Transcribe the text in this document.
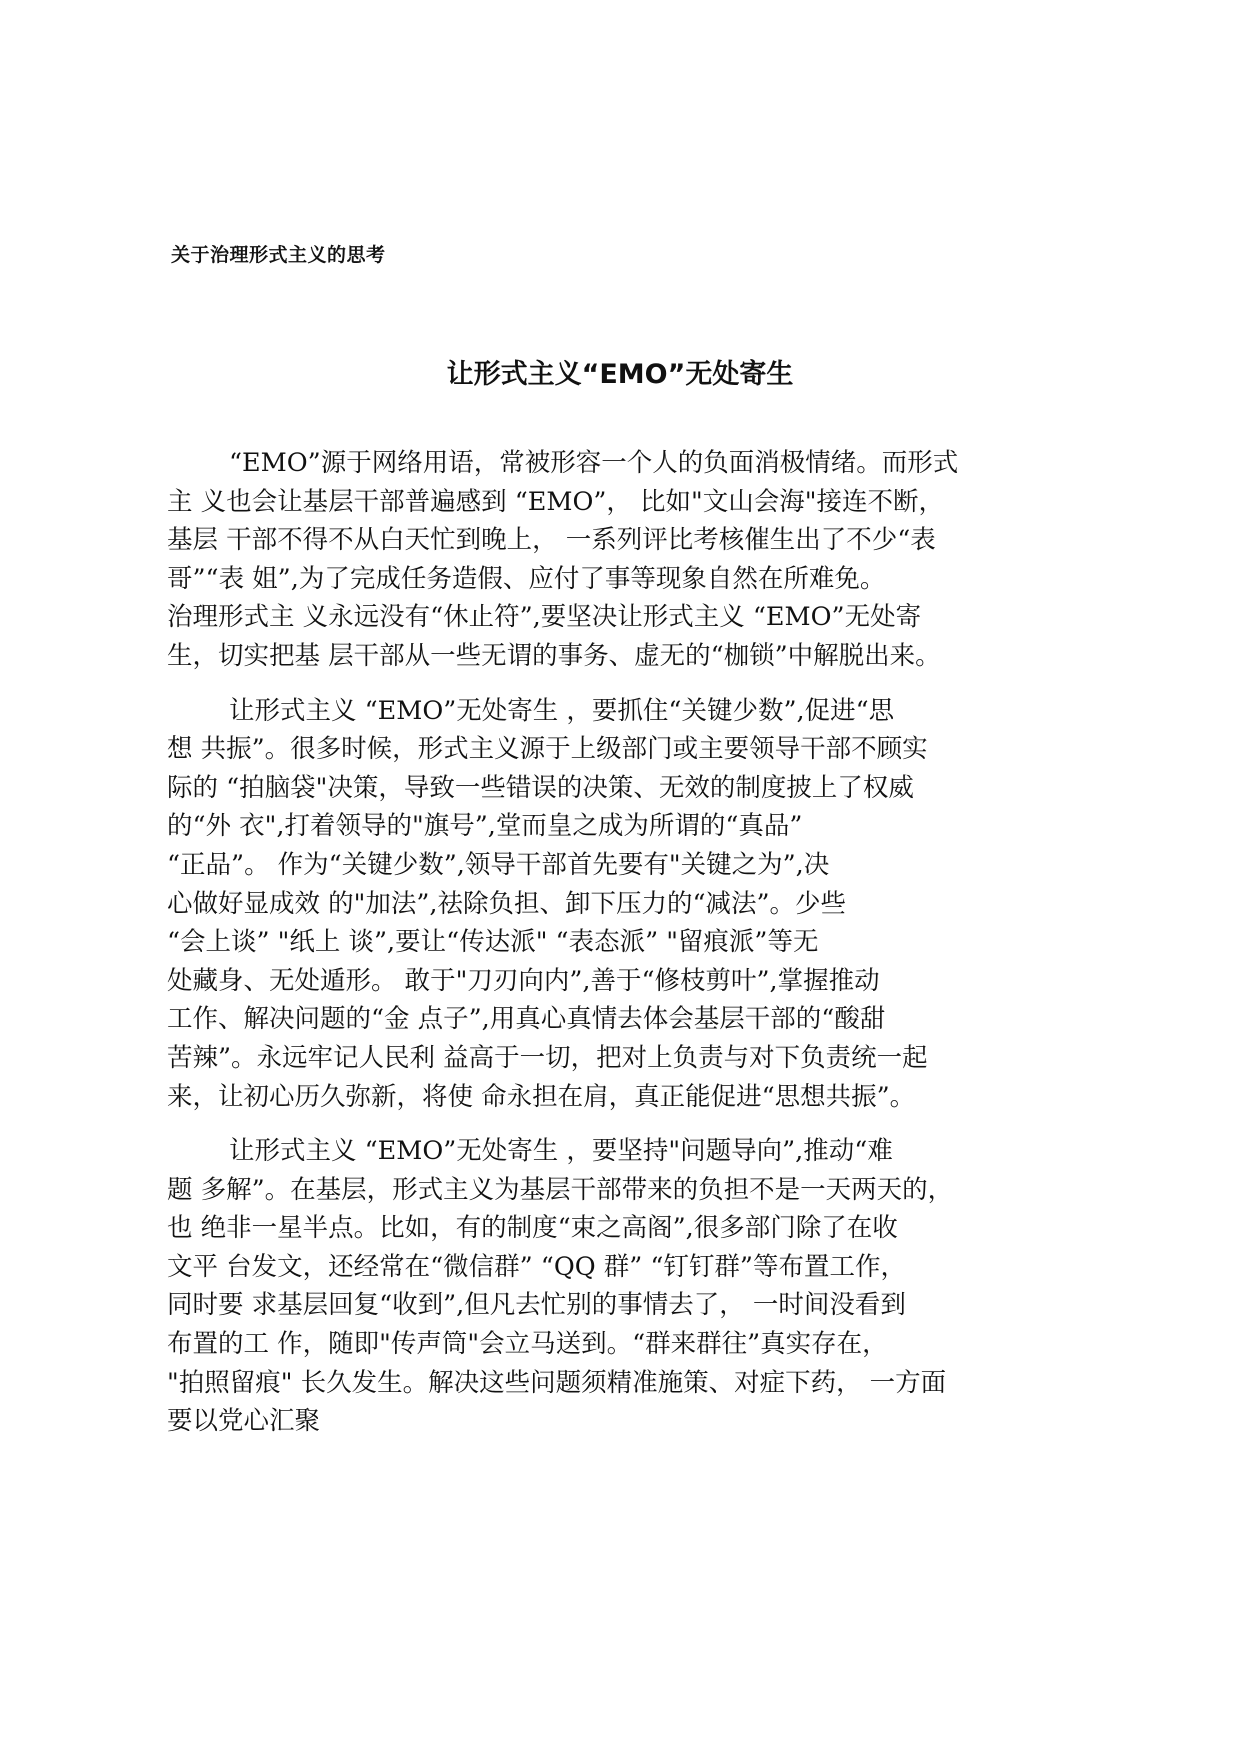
关于治理形式主义的思考
让形式主义“EMO”无处寄生

“EMO”源于网络用语，常被形容一个人的负面消极情绪。而形式
主 义也会让基层干部普遍感到 “EMO”， 比如"文山会海"接连不断，
基层 干部不得不从白天忙到晚上， 一系列评比考核催生出了不少“表
哥”“表 姐”,为了完成任务造假、应付了事等现象自然在所难免。
治理形式主 义永远没有“休止符”,要坚决让形式主义 “EMO”无处寄
生，切实把基 层干部从一些无谓的事务、虚无的“枷锁”中解脱出来。

让形式主义 “EMO”无处寄生 ，要抓住“关键少数”,促进“思
想 共振”。很多时候，形式主义源于上级部门或主要领导干部不顾实
际的 “拍脑袋"决策，导致一些错误的决策、无效的制度披上了权威
的“外 衣",打着领导的"旗号”,堂而皇之成为所谓的“真品”
“正品”。 作为“关键少数”,领导干部首先要有"关键之为”,决
心做好显成效 的"加法”,祛除负担、卸下压力的“减法”。少些
“会上谈” "纸上 谈”,要让“传达派" “表态派” "留痕派”等无
处藏身、无处遁形。 敢于"刀刃向内”,善于“修枝剪叶”,掌握推动
工作、解决问题的“金 点子”,用真心真情去体会基层干部的“酸甜
苦辣”。永远牢记人民利 益高于一切，把对上负责与对下负责统一起
来，让初心历久弥新，将使 命永担在肩，真正能促进“思想共振”。

让形式主义 “EMO”无处寄生 ，要坚持"问题导向”,推动“难
题 多解”。在基层，形式主义为基层干部带来的负担不是一天两天的，
也 绝非一星半点。比如，有的制度“束之高阁”,很多部门除了在收
文平 台发文，还经常在“微信群” “QQ 群” “钉钉群”等布置工作，
同时要 求基层回复“收到”,但凡去忙别的事情去了， 一时间没看到
布置的工 作，随即"传声筒"会立马送到。“群来群往”真实存在，
"拍照留痕" 长久发生。解决这些问题须精准施策、对症下药， 一方面
要以党心汇聚
